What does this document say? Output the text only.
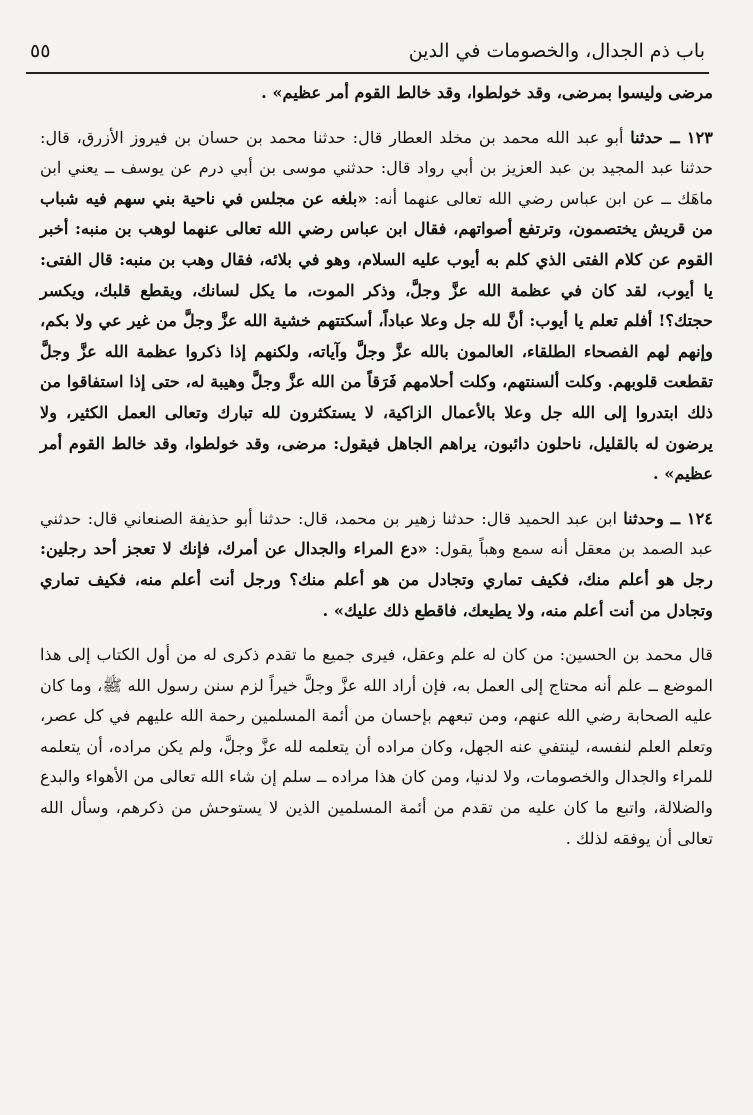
باب ذم الجدال، والخصومات في الدين
٥٥

مرضى وليسوا بمرضى، وقد خولطوا، وقد خالط القوم أمر عظيم» .

١٢٣ ــ حدثنا أبو عبد الله محمد بن مخلد العطار قال: حدثنا محمد بن حسان بن فيروز الأزرق، قال: حدثنا عبد المجيد بن عبد العزيز بن أبي رواد قال: حدثني موسى بن أبي درم عن يوسف ــ يعني ابن ماهَك ــ عن ابن عباس رضي الله تعالى عنهما أنه: «بلغه عن مجلس في ناحية بني سهم فيه شباب من قريش يختصمون، وترتفع أصواتهم، فقال ابن عباس رضي الله تعالى عنهما لوهب بن منبه: أخبر القوم عن كلام الفتى الذي كلم به أيوب عليه السلام، وهو في بلائه، فقال وهب بن منبه: قال الفتى: يا أيوب، لقد كان في عظمة الله عزَّ وجلَّ، وذكر الموت، ما يكل لسانك، ويقطع قلبك، ويكسر حجتك؟! أفلم تعلم يا أيوب: أنَّ لله جل وعلا عباداً، أسكتتهم خشية الله عزَّ وجلَّ من غير عي ولا بكم، وإنهم لهم الفصحاء الطلقاء، العالمون بالله عزَّ وجلَّ وآياته، ولكنهم إذا ذكروا عظمة الله عزَّ وجلَّ تقطعت قلوبهم. وكلت ألسنتهم، وكلت أحلامهم فَرَقاً من الله عزَّ وجلَّ وهيبة له، حتى إذا استفاقوا من ذلك ابتدروا إلى الله جل وعلا بالأعمال الزاكية، لا يستكثرون لله تبارك وتعالى العمل الكثير، ولا يرضون له بالقليل، ناحلون دائبون، يراهم الجاهل فيقول: مرضى، وقد خولطوا، وقد خالط القوم أمر عظيم» .

١٢٤ ــ وحدثنا ابن عبد الحميد قال: حدثنا زهير بن محمد، قال: حدثنا أبو حذيفة الصنعاني قال: حدثني عبد الصمد بن معقل أنه سمع وهباً يقول: «دع المراء والجدال عن أمرك، فإنك لا تعجز أحد رجلين: رجل هو أعلم منك، فكيف تماري وتجادل من هو أعلم منك؟ ورجل أنت أعلم منه، فكيف تماري وتجادل من أنت أعلم منه، ولا يطيعك، فاقطع ذلك عليك» .

قال محمد بن الحسين: من كان له علم وعقل، فيرى جميع ما تقدم ذكرى له من أول الكتاب إلى هذا الموضع ــ علم أنه محتاج إلى العمل به، فإن أراد الله عزَّ وجلَّ خيراً لزم سنن رسول الله ﷺ، وما كان عليه الصحابة رضي الله عنهم، ومن تبعهم بإحسان من أئمة المسلمين رحمة الله عليهم في كل عصر، وتعلم العلم لنفسه، لينتفي عنه الجهل، وكان مراده أن يتعلمه لله عزَّ وجلَّ، ولم يكن مراده، أن يتعلمه للمراء والجدال والخصومات، ولا لدنيا، ومن كان هذا مراده ــ سلم إن شاء الله تعالى من الأهواء والبدع والضلالة، واتبع ما كان عليه من تقدم من أئمة المسلمين الذين لا يستوحش من ذكرهم، وسأل الله تعالى أن يوفقه لذلك .
